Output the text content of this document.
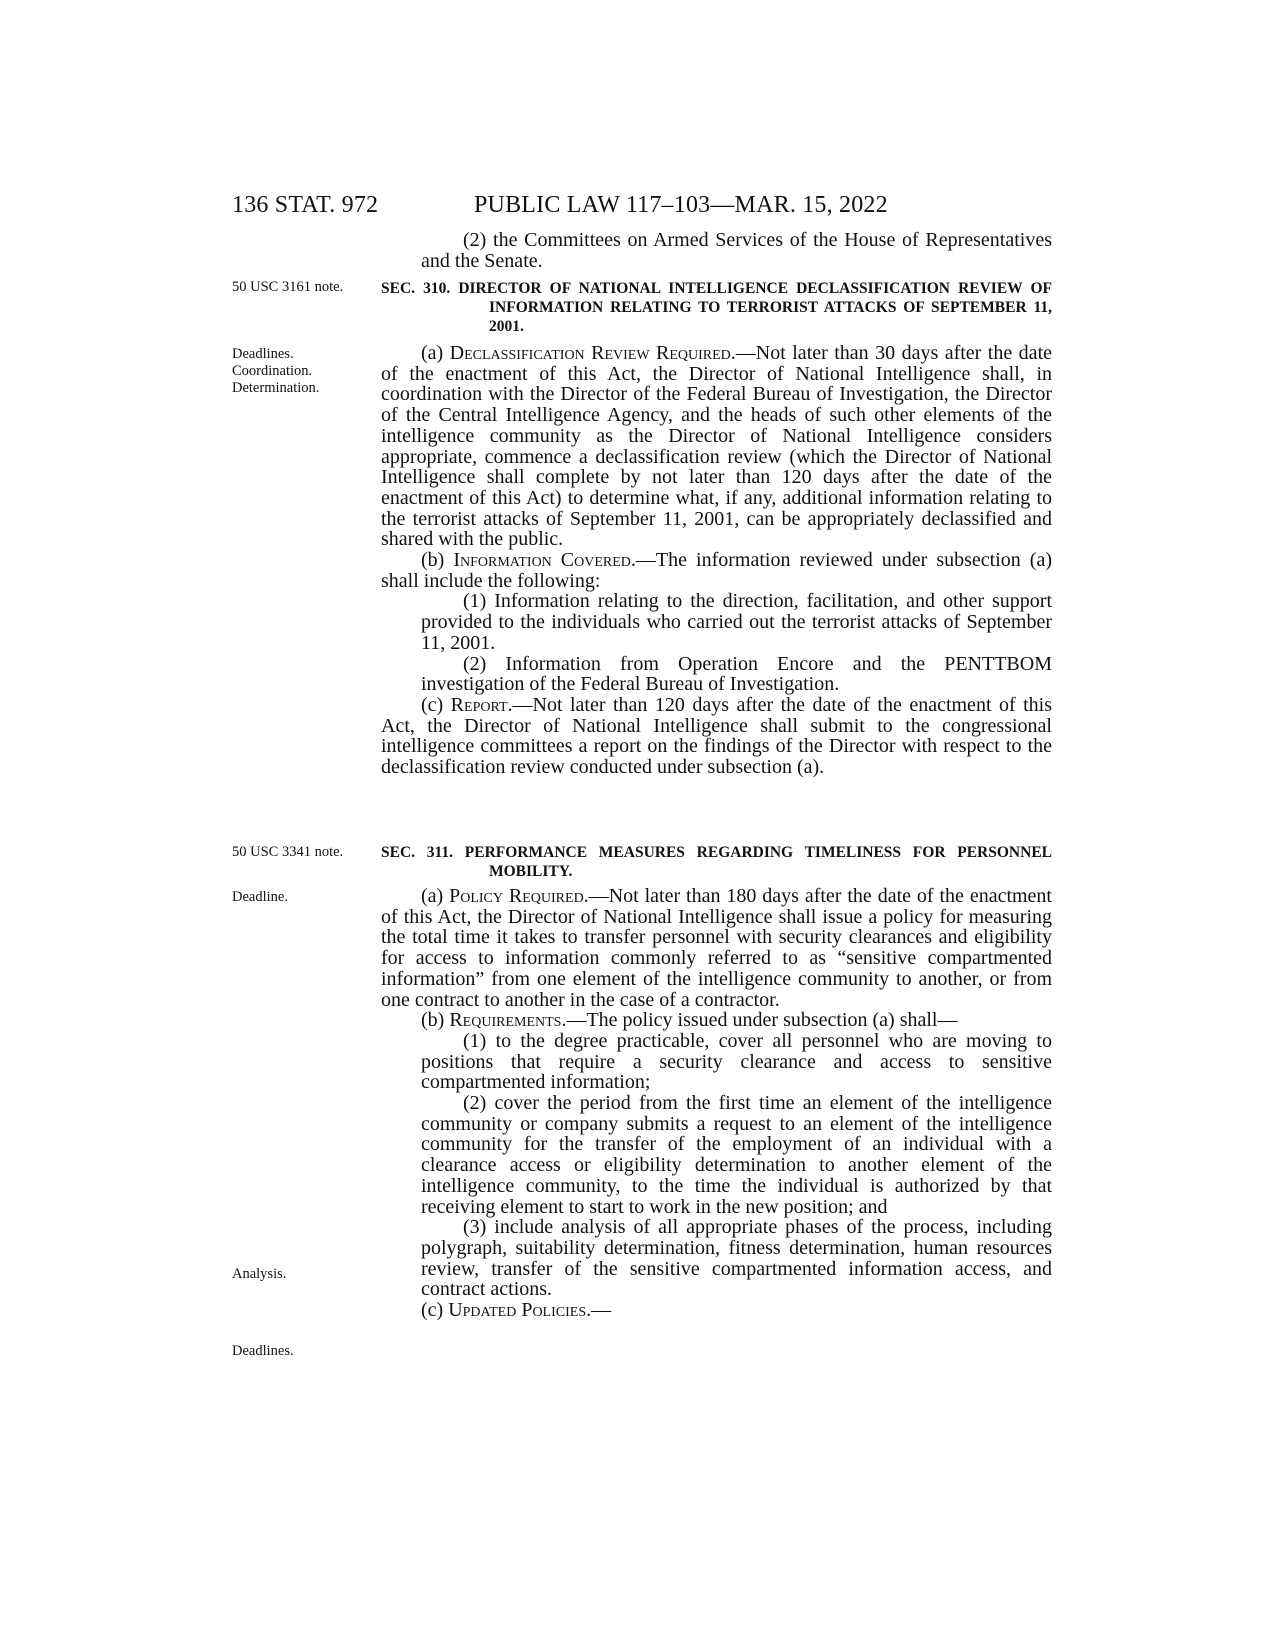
136 STAT. 972	PUBLIC LAW 117–103—MAR. 15, 2022
50 USC 3161 note.
Deadlines. Coordination. Determination.
50 USC 3341 note.
Deadline.
Analysis.
Deadlines.

(2) the Committees on Armed Services of the House of Representatives and the Senate.

SEC. 310. DIRECTOR OF NATIONAL INTELLIGENCE DECLASSIFICATION REVIEW OF INFORMATION RELATING TO TERRORIST ATTACKS OF SEPTEMBER 11, 2001.

(a) Declassification Review Required.—Not later than 30 days after the date of the enactment of this Act, the Director of National Intelligence shall, in coordination with the Director of the Federal Bureau of Investigation, the Director of the Central Intelligence Agency, and the heads of such other elements of the intelligence community as the Director of National Intelligence considers appropriate, commence a declassification review (which the Director of National Intelligence shall complete by not later than 120 days after the date of the enactment of this Act) to determine what, if any, additional information relating to the terrorist attacks of September 11, 2001, can be appropriately declassified and shared with the public.

(b) Information Covered.—The information reviewed under subsection (a) shall include the following:

(1) Information relating to the direction, facilitation, and other support provided to the individuals who carried out the terrorist attacks of September 11, 2001.

(2) Information from Operation Encore and the PENTTBOM investigation of the Federal Bureau of Investigation.

(c) Report.—Not later than 120 days after the date of the enactment of this Act, the Director of National Intelligence shall submit to the congressional intelligence committees a report on the findings of the Director with respect to the declassification review conducted under subsection (a).

SEC. 311. PERFORMANCE MEASURES REGARDING TIMELINESS FOR PERSONNEL MOBILITY.

(a) Policy Required.—Not later than 180 days after the date of the enactment of this Act, the Director of National Intelligence shall issue a policy for measuring the total time it takes to transfer personnel with security clearances and eligibility for access to information commonly referred to as “sensitive compartmented information” from one element of the intelligence community to another, or from one contract to another in the case of a contractor.

(b) Requirements.—The policy issued under subsection (a) shall—

(1) to the degree practicable, cover all personnel who are moving to positions that require a security clearance and access to sensitive compartmented information;

(2) cover the period from the first time an element of the intelligence community or company submits a request to an element of the intelligence community for the transfer of the employment of an individual with a clearance access or eligibility determination to another element of the intelligence community, to the time the individual is authorized by that receiving element to start to work in the new position; and

(3) include analysis of all appropriate phases of the process, including polygraph, suitability determination, fitness determination, human resources review, transfer of the sensitive compartmented information access, and contract actions.

(c) Updated Policies.—
